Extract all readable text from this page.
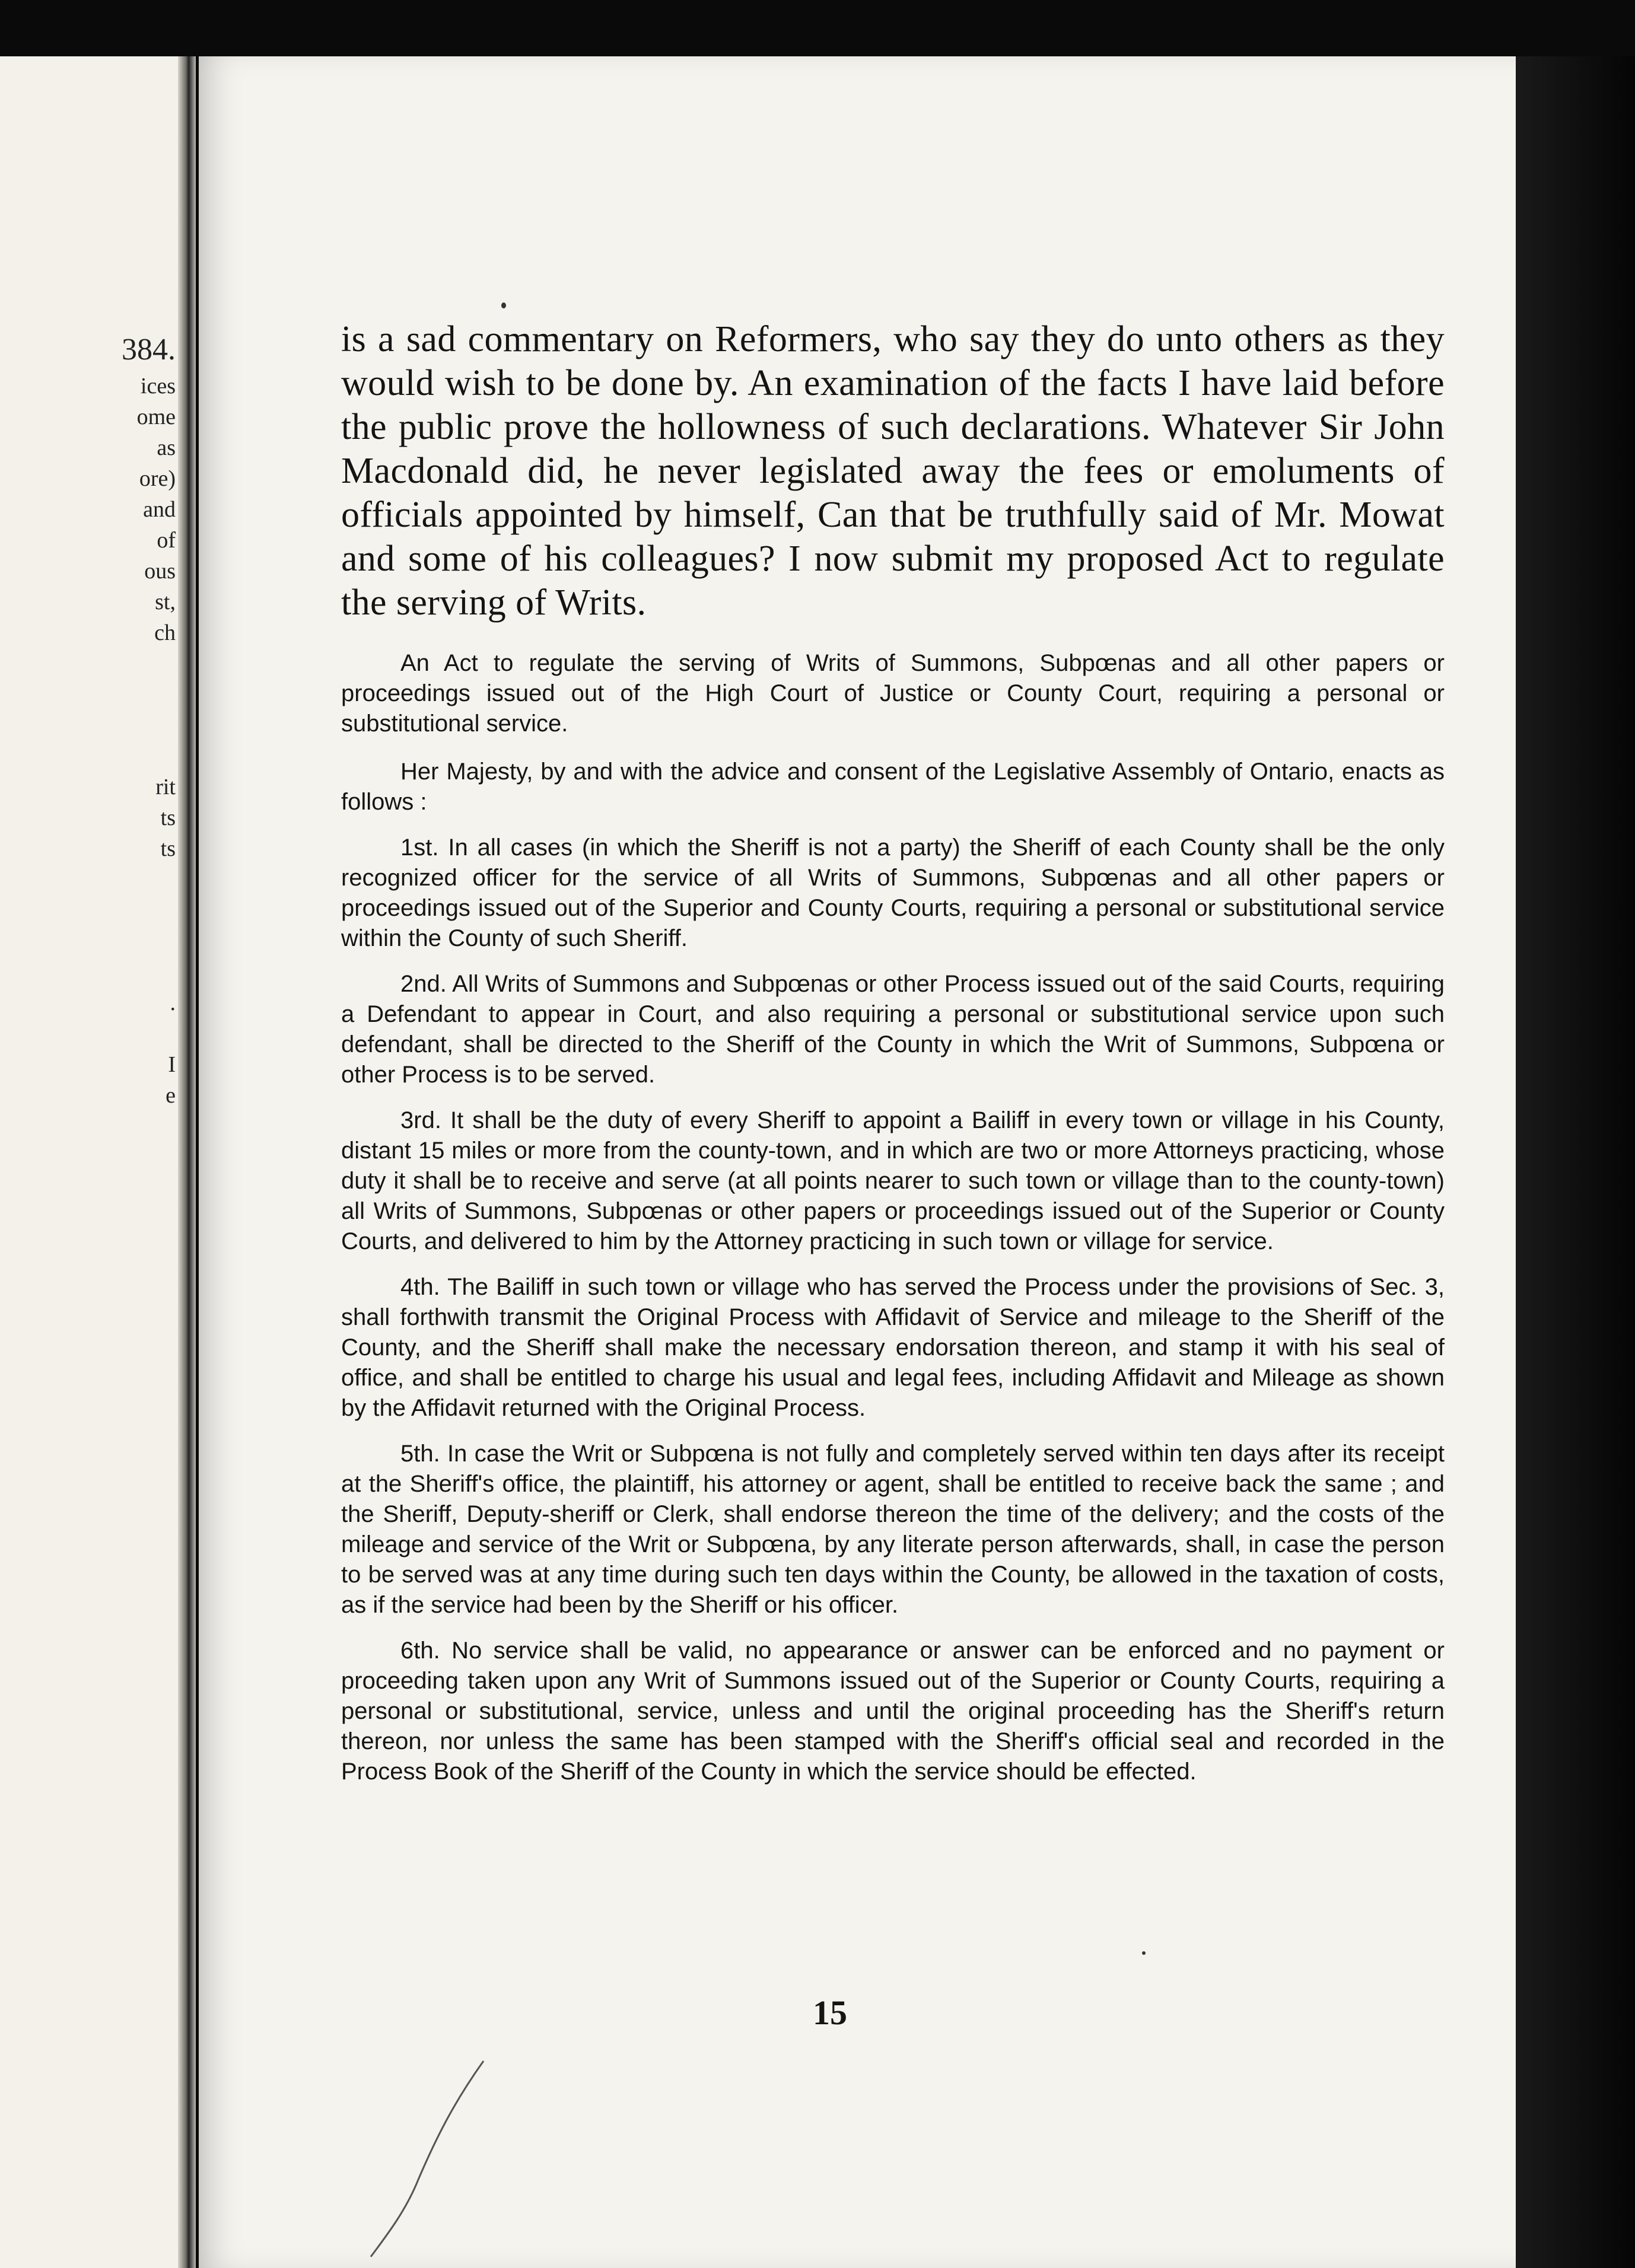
384.
ices
ome
as
ore)
and
of
ous
st,
ch
rit
ts
ts
.
I
e

is a sad commentary on Reformers, who say they do unto others as they would wish to be done by. An examination of the facts I have laid before the public prove the hollowness of such declarations. Whatever Sir John Macdonald did, he never legislated away the fees or emoluments of officials appointed by himself, Can that be truthfully said of Mr. Mowat and some of his colleagues? I now submit my proposed Act to regulate the serving of Writs.

An Act to regulate the serving of Writs of Summons, Subpœnas and all other papers or proceedings issued out of the High Court of Justice or County Court, requiring a personal or substitutional service.

Her Majesty, by and with the advice and consent of the Legislative Assembly of Ontario, enacts as follows :

1st. In all cases (in which the Sheriff is not a party) the Sheriff of each County shall be the only recognized officer for the service of all Writs of Summons, Subpœnas and all other papers or proceedings issued out of the Superior and County Courts, requiring a personal or substitutional service within the County of such Sheriff.

2nd. All Writs of Summons and Subpœnas or other Process issued out of the said Courts, requiring a Defendant to appear in Court, and also requiring a personal or substitutional service upon such defendant, shall be directed to the Sheriff of the County in which the Writ of Summons, Subpœna or other Process is to be served.

3rd. It shall be the duty of every Sheriff to appoint a Bailiff in every town or village in his County, distant 15 miles or more from the county-town, and in which are two or more Attorneys practicing, whose duty it shall be to receive and serve (at all points nearer to such town or village than to the county-town) all Writs of Summons, Subpœnas or other papers or proceedings issued out of the Superior or County Courts, and delivered to him by the Attorney practicing in such town or village for service.

4th. The Bailiff in such town or village who has served the Process under the provisions of Sec. 3, shall forthwith transmit the Original Process with Affidavit of Service and mileage to the Sheriff of the County, and the Sheriff shall make the necessary endorsation thereon, and stamp it with his seal of office, and shall be entitled to charge his usual and legal fees, including Affidavit and Mileage as shown by the Affidavit returned with the Original Process.

5th. In case the Writ or Subpœna is not fully and completely served within ten days after its receipt at the Sheriff's office, the plaintiff, his attorney or agent, shall be entitled to receive back the same ; and the Sheriff, Deputy-sheriff or Clerk, shall endorse thereon the time of the delivery; and the costs of the mileage and service of the Writ or Subpœna, by any literate person afterwards, shall, in case the person to be served was at any time during such ten days within the County, be allowed in the taxation of costs, as if the service had been by the Sheriff or his officer.

6th. No service shall be valid, no appearance or answer can be enforced and no payment or proceeding taken upon any Writ of Summons issued out of the Superior or County Courts, requiring a personal or substitutional, service, unless and until the original proceeding has the Sheriff's return thereon, nor unless the same has been stamped with the Sheriff's official seal and recorded in the Process Book of the Sheriff of the County in which the service should be effected.

15
